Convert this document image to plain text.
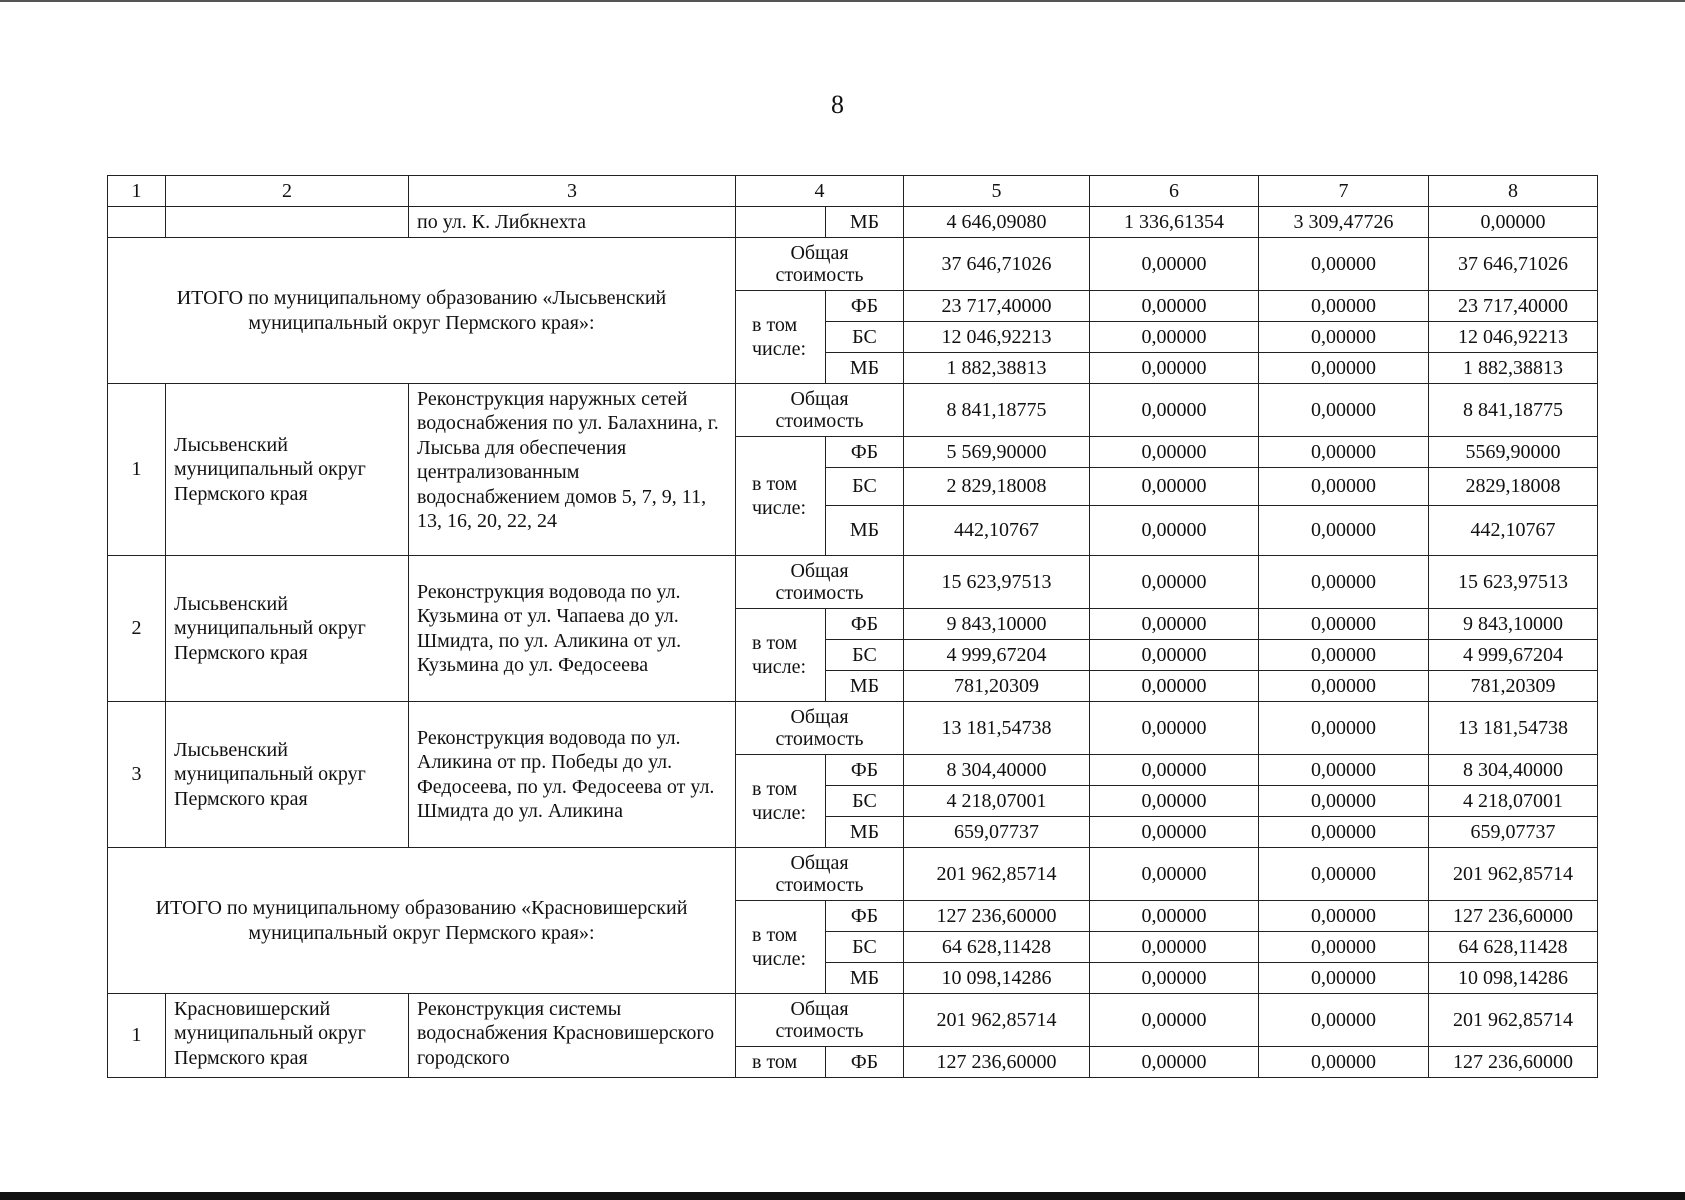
8
1	2	3	4		5	6	7	8
		по ул. К. Либкнехта		МБ	4 646,09080	1 336,61354	3 309,47726	0,00000
ИТОГО по муниципальному образованию «Лысьвенский муниципальный округ Пермского края»:			Общая стоимость		37 646,71026	0,00000	0,00000	37 646,71026
			в том числе:	ФБ	23 717,40000	0,00000	0,00000	23 717,40000
				БС	12 046,92213	0,00000	0,00000	12 046,92213
				МБ	1 882,38813	0,00000	0,00000	1 882,38813
1	Лысьвенский муниципальный округ Пермского края	Реконструкция наружных сетей водоснабжения по ул. Балахнина, г. Лысьва для обеспечения централизованным водоснабжением домов 5, 7, 9, 11, 13, 16, 20, 22, 24	Общая стоимость		8 841,18775	0,00000	0,00000	8 841,18775
			в том числе:	ФБ	5 569,90000	0,00000	0,00000	5569,90000
				БС	2 829,18008	0,00000	0,00000	2829,18008
				МБ	442,10767	0,00000	0,00000	442,10767
2	Лысьвенский муниципальный округ Пермского края	Реконструкция водовода по ул. Кузьмина от ул. Чапаева до ул. Шмидта, по ул. Аликина от ул. Кузьмина до ул. Федосеева	Общая стоимость		15 623,97513	0,00000	0,00000	15 623,97513
			в том числе:	ФБ	9 843,10000	0,00000	0,00000	9 843,10000
				БС	4 999,67204	0,00000	0,00000	4 999,67204
				МБ	781,20309	0,00000	0,00000	781,20309
3	Лысьвенский муниципальный округ Пермского края	Реконструкция водовода по ул. Аликина от пр. Победы до ул. Федосеева, по ул. Федосеева от ул. Шмидта до ул. Аликина	Общая стоимость		13 181,54738	0,00000	0,00000	13 181,54738
			в том числе:	ФБ	8 304,40000	0,00000	0,00000	8 304,40000
				БС	4 218,07001	0,00000	0,00000	4 218,07001
				МБ	659,07737	0,00000	0,00000	659,07737
ИТОГО по муниципальному образованию «Красновишерский муниципальный округ Пермского края»:			Общая стоимость		201 962,85714	0,00000	0,00000	201 962,85714
			в том числе:	ФБ	127 236,60000	0,00000	0,00000	127 236,60000
				БС	64 628,11428	0,00000	0,00000	64 628,11428
				МБ	10 098,14286	0,00000	0,00000	10 098,14286
1	Красновишерский муниципальный округ Пермского края	Реконструкция системы водоснабжения Красновишерского городского	Общая стоимость		201 962,85714	0,00000	0,00000	201 962,85714
			в том	ФБ	127 236,60000	0,00000	0,00000	127 236,60000
